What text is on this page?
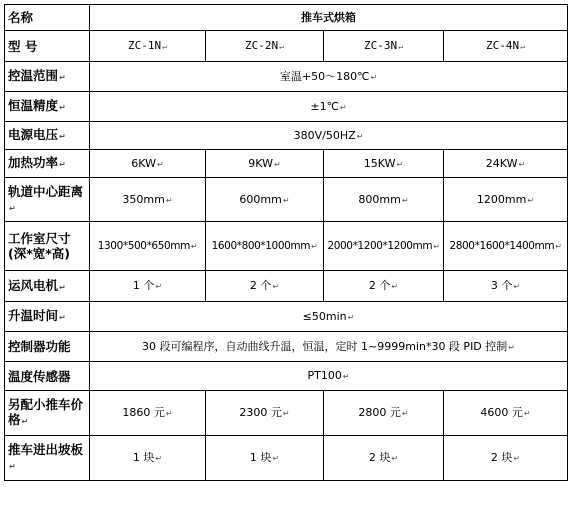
名称	推车式烘箱			
型 号	ZC-1N↵	ZC-2N↵	ZC-3N↵	ZC-4N↵
控温范围↵	室温+50～180℃↵			
恒温精度↵	±1℃↵			
电源电压↵	380V/50HZ↵			
加热功率↵	6KW↵	9KW↵	15KW↵	24KW↵
轨道中心距离↵	350mm↵	600mm↵	800mm↵	1200mm↵
工作室尺寸(深*宽*高)	1300*500*650mm↵	1600*800*1000mm↵	2000*1200*1200mm↵	2800*1600*1400mm↵
运风电机↵	1 个↵	2 个↵	2 个↵	3 个↵
升温时间↵	≤50min↵			
控制器功能	30 段可编程序，自动曲线升温，恒温，定时 1~9999min*30 段 PID 控制↵			
温度传感器	PT100↵			
另配小推车价格↵	1860 元↵	2300 元↵	2800 元↵	4600 元↵
推车进出坡板↵	1 块↵	1 块↵	2 块↵	2 块↵
